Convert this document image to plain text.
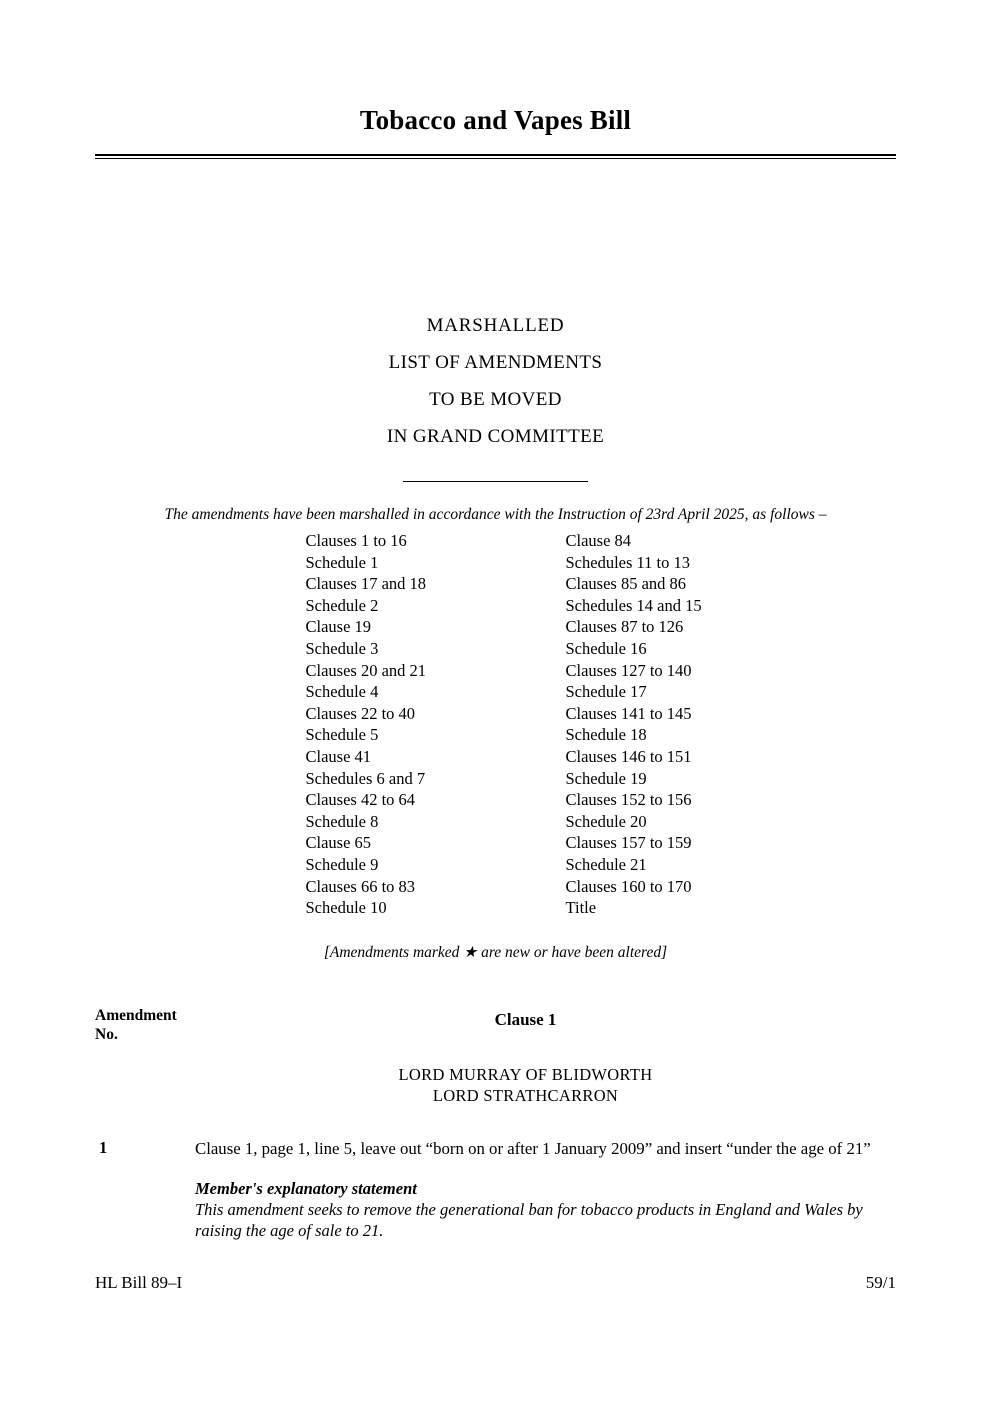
Tobacco and Vapes Bill
MARSHALLED
LIST OF AMENDMENTS
TO BE MOVED
IN GRAND COMMITTEE
The amendments have been marshalled in accordance with the Instruction of 23rd April 2025, as follows –
Clauses 1 to 16
Schedule 1
Clauses 17 and 18
Schedule 2
Clause 19
Schedule 3
Clauses 20 and 21
Schedule 4
Clauses 22 to 40
Schedule 5
Clause 41
Schedules 6 and 7
Clauses 42 to 64
Schedule 8
Clause 65
Schedule 9
Clauses 66 to 83
Schedule 10
Clause 84
Schedules 11 to 13
Clauses 85 and 86
Schedules 14 and 15
Clauses 87 to 126
Schedule 16
Clauses 127 to 140
Schedule 17
Clauses 141 to 145
Schedule 18
Clauses 146 to 151
Schedule 19
Clauses 152 to 156
Schedule 20
Clauses 157 to 159
Schedule 21
Clauses 160 to 170
Title
[Amendments marked ★ are new or have been altered]
Amendment
No.
Clause 1
LORD MURRAY OF BLIDWORTH
LORD STRATHCARRON
1	Clause 1, page 1, line 5, leave out “born on or after 1 January 2009” and insert “under the age of 21”
Member's explanatory statement
This amendment seeks to remove the generational ban for tobacco products in England and Wales by raising the age of sale to 21.
HL Bill 89–I	59/1
